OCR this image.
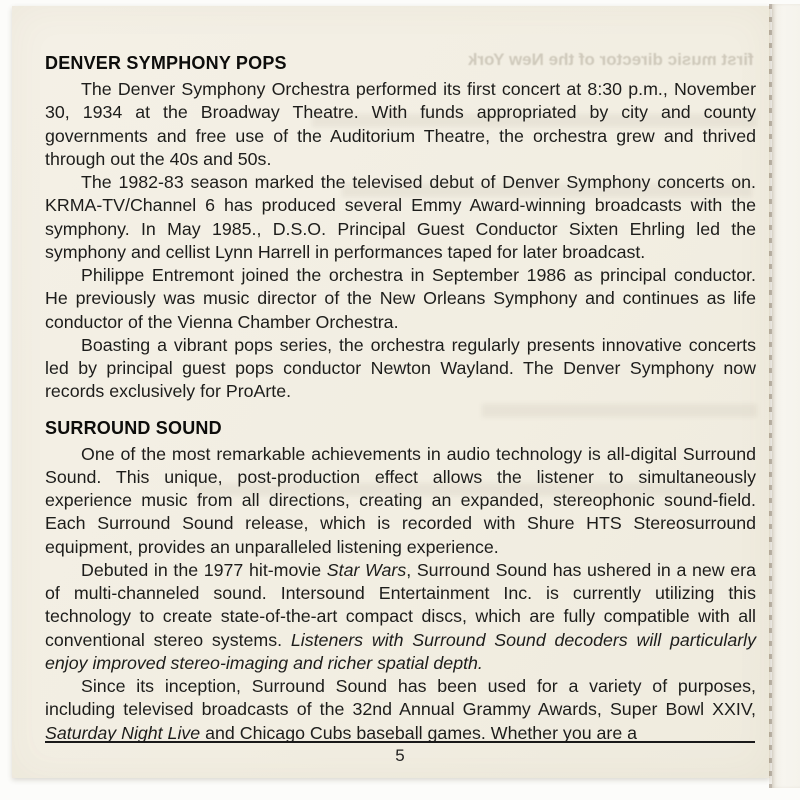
first music director of the New York
DENVER SYMPHONY POPS

The Denver Symphony Orchestra performed its first concert at 8:30 p.m., November 30, 1934 at the Broadway Theatre. With funds appropriated by city and county governments and free use of the Auditorium Theatre, the orchestra grew and thrived through out the 40s and 50s.

The 1982-83 season marked the televised debut of Denver Symphony concerts on. KRMA-TV/Channel 6 has produced several Emmy Award-winning broadcasts with the symphony. In May 1985., D.S.O. Principal Guest Conductor Sixten Ehrling led the symphony and cellist Lynn Harrell in performances taped for later broadcast.

Philippe Entremont joined the orchestra in September 1986 as principal conductor. He previously was music director of the New Orleans Symphony and continues as life conductor of the Vienna Chamber Orchestra.

Boasting a vibrant pops series, the orchestra regularly presents innovative concerts led by principal guest pops conductor Newton Wayland. The Denver Symphony now records exclusively for ProArte.

SURROUND SOUND

One of the most remarkable achievements in audio technology is all-digital Surround Sound. This unique, post-production effect allows the listener to simultaneously experience music from all directions, creating an expanded, stereophonic sound-field. Each Surround Sound release, which is recorded with Shure HTS Stereosurround equipment, provides an unparalleled listening experience.

Debuted in the 1977 hit-movie Star Wars, Surround Sound has ushered in a new era of multi-channeled sound. Intersound Entertainment Inc. is currently utilizing this technology to create state-of-the-art compact discs, which are fully compatible with all conventional stereo systems. Listeners with Surround Sound decoders will particularly enjoy improved stereo-imaging and richer spatial depth.

Since its inception, Surround Sound has been used for a variety of purposes, including televised broadcasts of the 32nd Annual Grammy Awards, Super Bowl XXIV, Saturday Night Live and Chicago Cubs baseball games. Whether you are a

5
